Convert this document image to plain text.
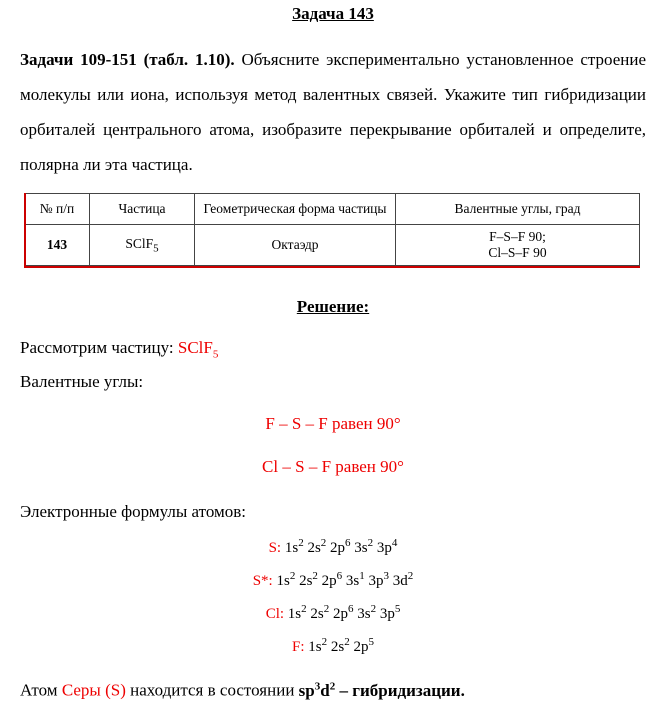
Задача 143
Задачи 109-151 (табл. 1.10). Объясните экспериментально установленное строение молекулы или иона, используя метод валентных связей. Укажите тип гибридизации орбиталей центрального атома, изобразите перекрывание орбиталей и определите, полярна ли эта частица.
№ п/п	Частица	Геометрическая форма частицы	Валентные углы, град
143	SClF$_5$	Октаэдр	F–S–F 90;
Cl–S–F 90
Решение:
Рассмотрим частицу: SClF$_5$
Валентные углы:
F – S – F равен 90°
Cl – S – F равен 90°
Электронные формулы атомов:
S: $1s^2$ $2s^2$ $2p^6$ $3s^2$ $3p^4$
S*: $1s^2$ $2s^2$ $2p^6$ $3s^1$ $3p^3$ $3d^2$
Cl: $1s^2$ $2s^2$ $2p^6$ $3s^2$ $3p^5$
F: $1s^2$ $2s^2$ $2p^5$
Атом Серы (S) находится в состоянии $sp^3d^2$ – гибридизации.
